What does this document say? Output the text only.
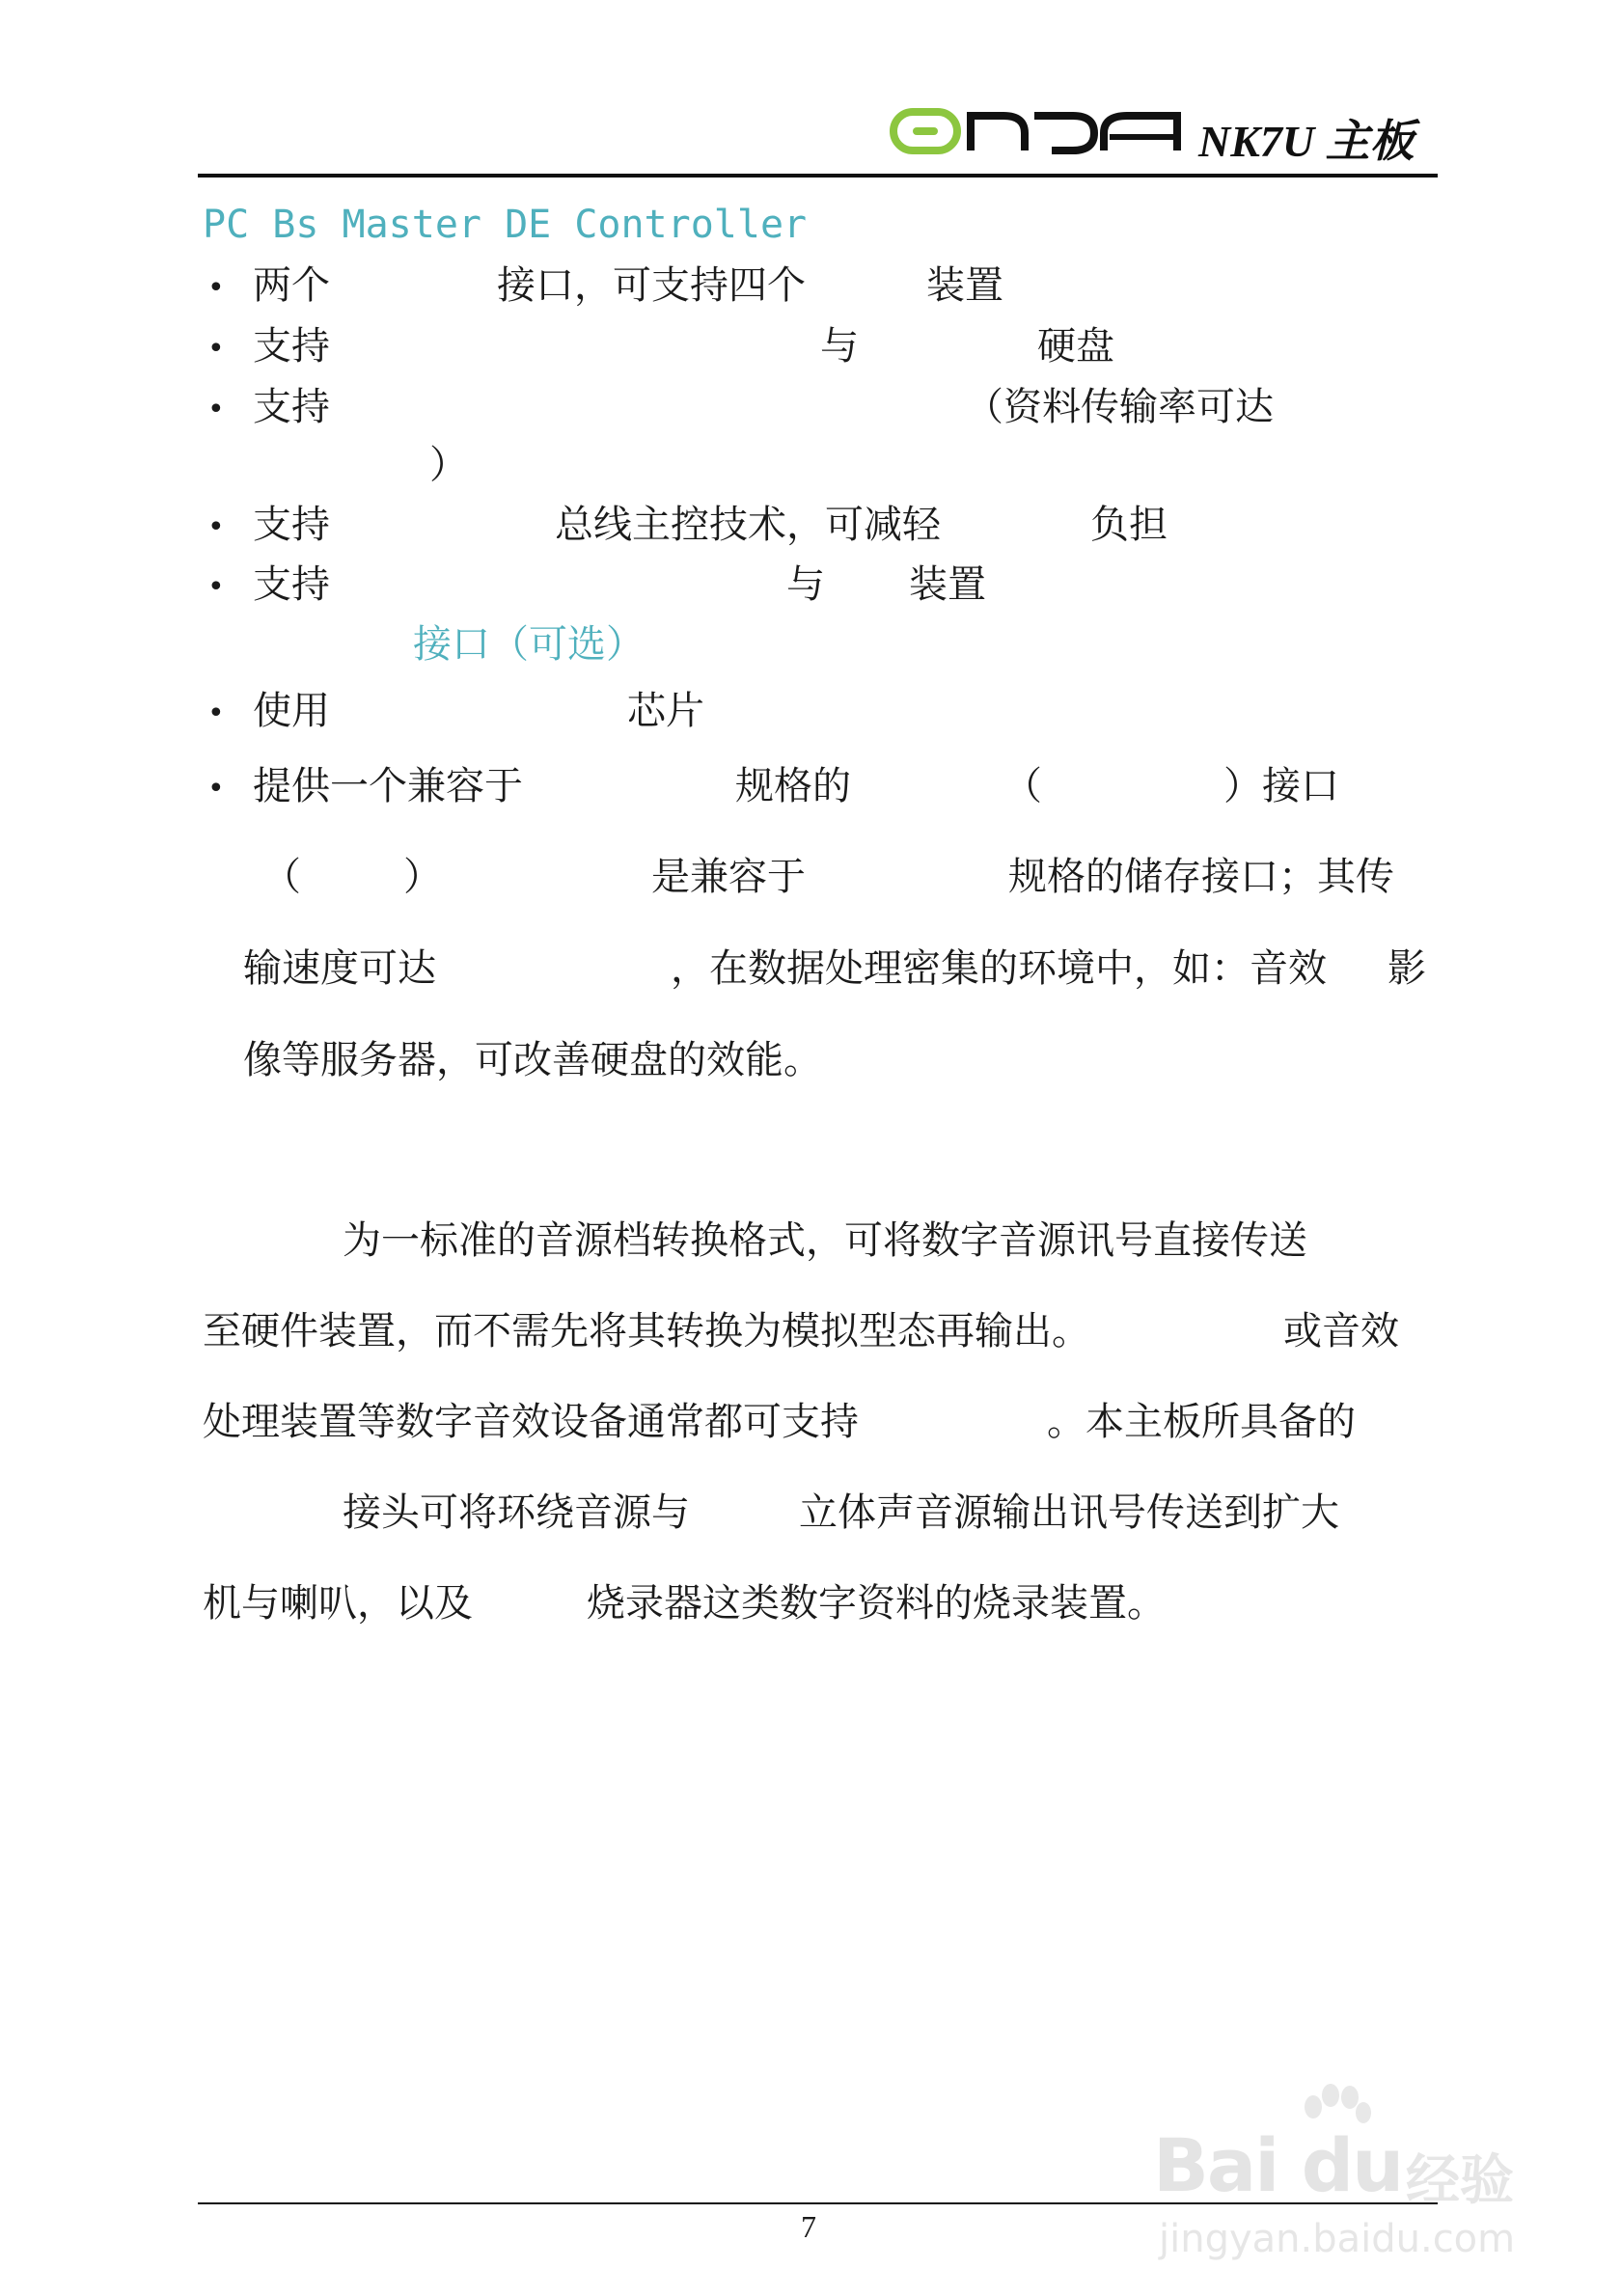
NK7U 主板
PC Bs Master DE Controller
• 两个	接口，可支持四个	装置
• 支持	与	硬盘
• 支持	（资料传输率可达
）
• 支持	总线主控技术，可减轻	负担
• 支持	与 装置
接口（可选）
• 使用	芯片
• 提供一个兼容于	规格的	（	）接口
（	）	是兼容于	规格的储存接口；其传
输速度可达	，在数据处理密集的环境中，如：音效 影
像等服务器，可改善硬盘的效能。
为一标准的音源档转换格式，可将数字音源讯号直接传送
至硬件装置，而不需先将其转换为模拟型态再输出。	或音效
处理装置等数字音效设备通常都可支持	。本主板所具备的
接头可将环绕音源与	立体声音源输出讯号传送到扩大
机与喇叭，以及	烧录器这类数字资料的烧录装置。
7
Bai du 经验
jingyan.baidu.com
